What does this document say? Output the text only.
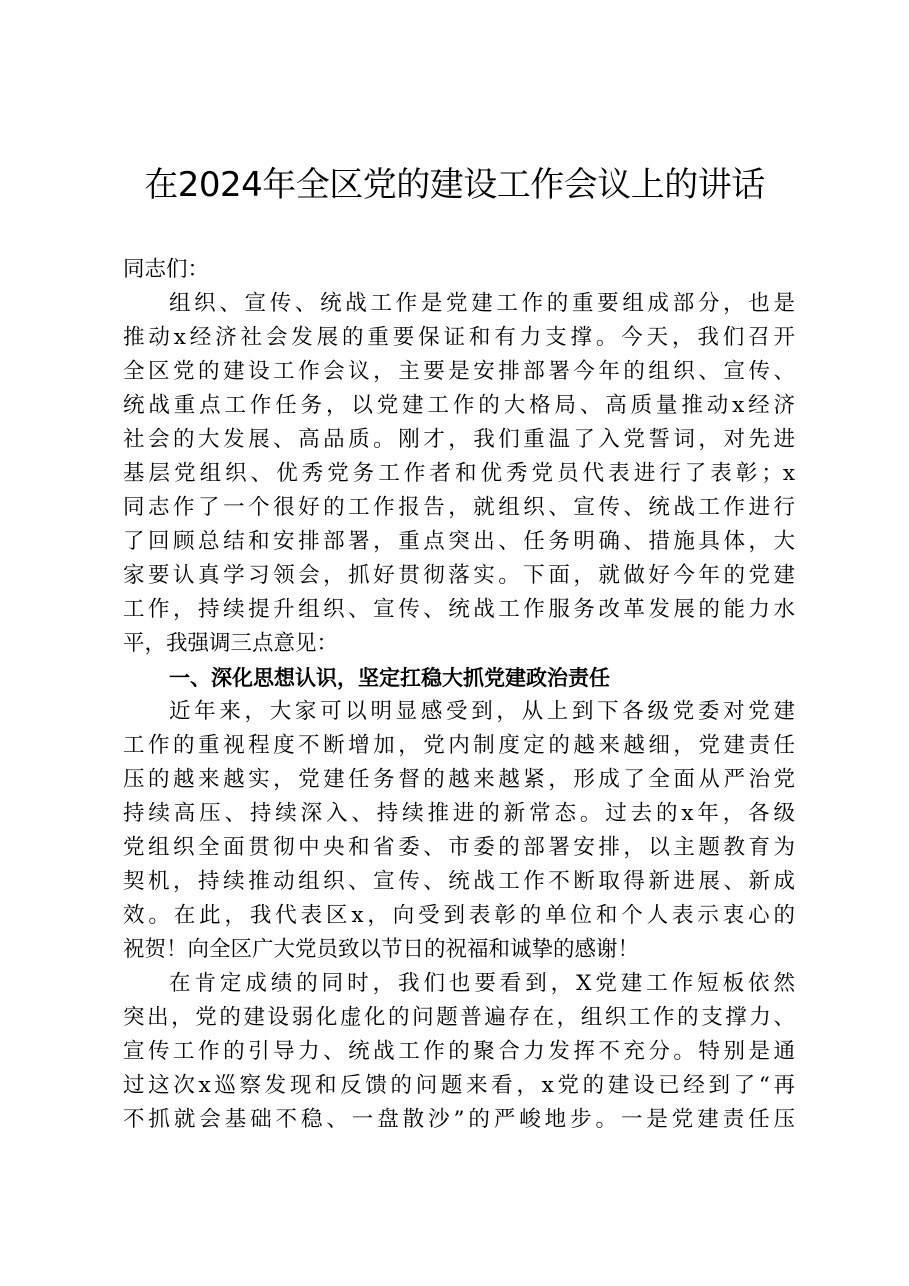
在2024年全区党的建设工作会议上的讲话
同志们：
组织、宣传、统战工作是党建工作的重要组成部分，也是
推动x经济社会发展的重要保证和有力支撑。今天，我们召开
全区党的建设工作会议，主要是安排部署今年的组织、宣传、
统战重点工作任务，以党建工作的大格局、高质量推动x经济
社会的大发展、高品质。刚才，我们重温了入党誓词，对先进
基层党组织、优秀党务工作者和优秀党员代表进行了表彰；x
同志作了一个很好的工作报告，就组织、宣传、统战工作进行
了回顾总结和安排部署，重点突出、任务明确、措施具体，大
家要认真学习领会，抓好贯彻落实。下面，就做好今年的党建
工作，持续提升组织、宣传、统战工作服务改革发展的能力水
平，我强调三点意见：
一、深化思想认识，坚定扛稳大抓党建政治责任
近年来，大家可以明显感受到，从上到下各级党委对党建
工作的重视程度不断增加，党内制度定的越来越细，党建责任
压的越来越实，党建任务督的越来越紧，形成了全面从严治党
持续高压、持续深入、持续推进的新常态。过去的x年，各级
党组织全面贯彻中央和省委、市委的部署安排，以主题教育为
契机，持续推动组织、宣传、统战工作不断取得新进展、新成
效。在此，我代表区x，向受到表彰的单位和个人表示衷心的
祝贺！向全区广大党员致以节日的祝福和诚挚的感谢！
在肯定成绩的同时，我们也要看到，X党建工作短板依然
突出，党的建设弱化虚化的问题普遍存在，组织工作的支撑力、
宣传工作的引导力、统战工作的聚合力发挥不充分。特别是通
过这次x巡察发现和反馈的问题来看，x党的建设已经到了“再
不抓就会基础不稳、一盘散沙”的严峻地步。一是党建责任压
